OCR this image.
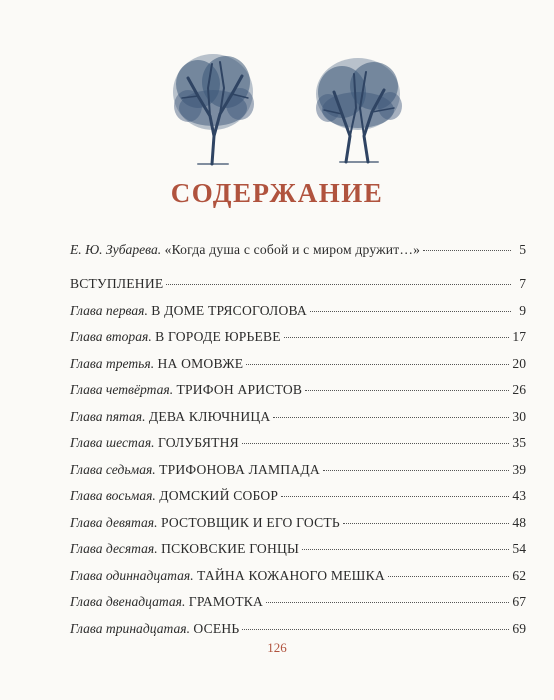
СОДЕРЖАНИЕ
Е. Ю. Зубарева. «Когда душа с собой и с миром дружит…»	5
ВСТУПЛЕНИЕ	7
Глава первая. В ДОМЕ ТРЯСОГОЛОВА	9
Глава вторая. В ГОРОДЕ ЮРЬЕВЕ	17
Глава третья. НА ОМОВЖЕ	20
Глава четвёртая. ТРИФОН АРИСТОВ	26
Глава пятая. ДЕВА КЛЮЧНИЦА	30
Глава шестая. ГОЛУБЯТНЯ	35
Глава седьмая. ТРИФОНОВА ЛАМПАДА	39
Глава восьмая. ДОМСКИЙ СОБОР	43
Глава девятая. РОСТОВЩИК И ЕГО ГОСТЬ	48
Глава десятая. ПСКОВСКИЕ ГОНЦЫ	54
Глава одиннадцатая. ТАЙНА КОЖАНОГО МЕШКА	62
Глава двенадцатая. ГРАМОТКА	67
Глава тринадцатая. ОСЕНЬ	69
126
